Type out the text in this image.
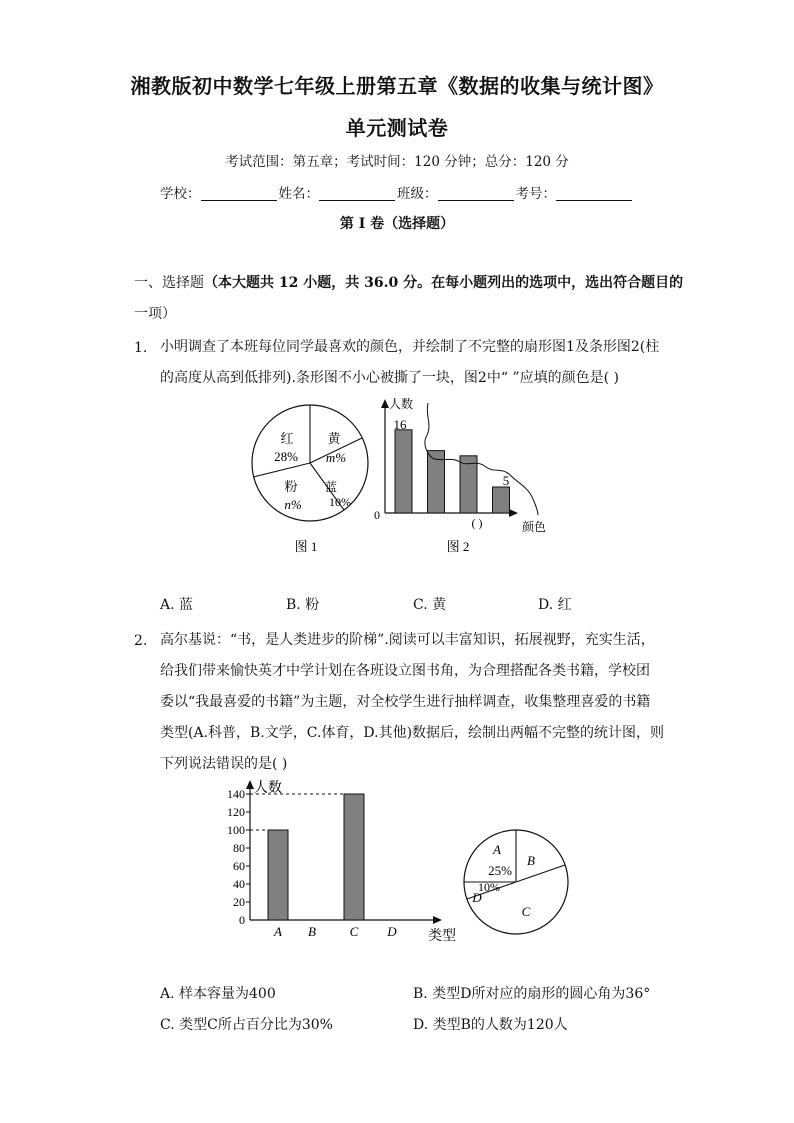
湘教版初中数学七年级上册第五章《数据的收集与统计图》
单元测试卷
考试范围：第五章；考试时间：120 分钟；总分：120 分
学校：	姓名：	班级：	考号：
第 I 卷（选择题）
一、选择题（本大题共 12 小题，共 36.0 分。在每小题列出的选项中，选出符合题目的
一项）
1. 小明调查了本班每位同学最喜欢的颜色，并绘制了不完整的扇形图1及条形图2(柱
的高度从高到低排列).条形图不小心被撕了一块，图2中“ ”应填的颜色是( )
红
28%
黄
m%
粉
n%
蓝
10%
图 1
16
5
人数
颜色
0
( )
图 2
A. 蓝	B. 粉	C. 黄	D. 红
2. 高尔基说：“书，是人类进步的阶梯”.阅读可以丰富知识，拓展视野，充实生活，
给我们带来愉快英才中学计划在各班设立图书角，为合理搭配各类书籍，学校团
委以“我最喜爱的书籍”为主题，对全校学生进行抽样调查，收集整理喜爱的书籍
类型(A.科普，B.文学，C.体育，D.其他)数据后，绘制出两幅不完整的统计图，则
下列说法错误的是( )
人数
类型
0
20
40
60
80
100
120
140
A B	C D
A
25%
B
C
10%
D
A. 样本容量为400	B. 类型D所对应的扇形的圆心角为36°
C. 类型C所占百分比为30%	D. 类型B的人数为120人
